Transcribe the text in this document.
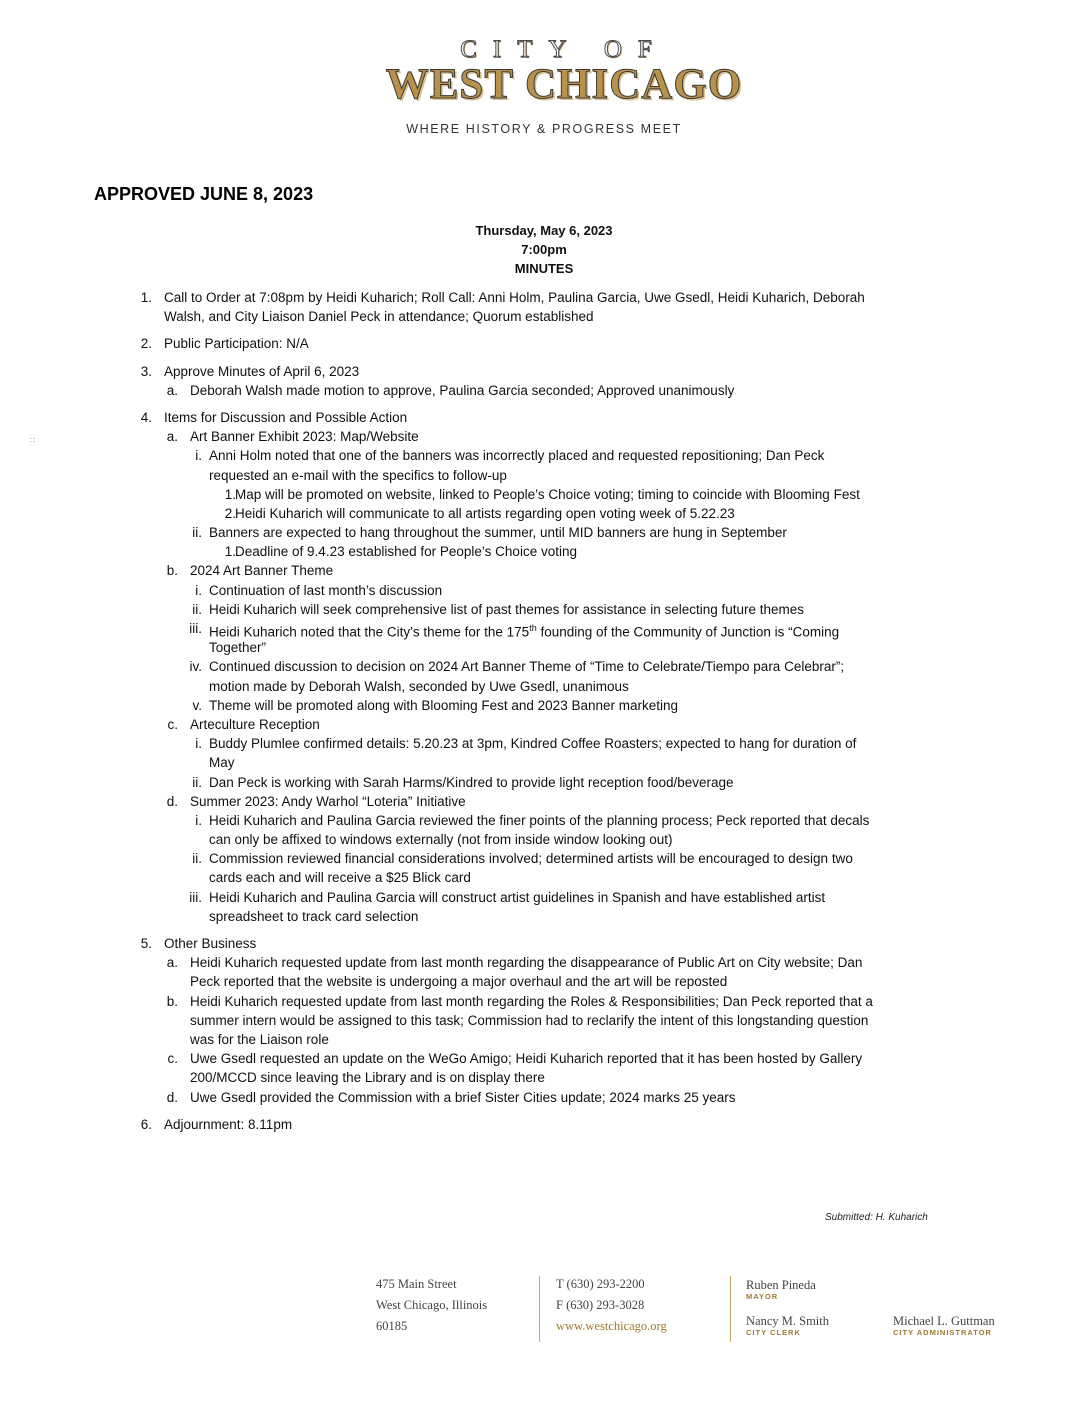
CITY OF
WEST CHICAGO
WHERE HISTORY & PROGRESS MEET
∷
APPROVED JUNE 8, 2023
Thursday, May 6, 2023
7:00pm
MINUTES
1. Call to Order at 7:08pm by Heidi Kuharich; Roll Call: Anni Holm, Paulina Garcia, Uwe Gsedl, Heidi Kuharich, Deborah
Walsh, and City Liaison Daniel Peck in attendance; Quorum established
2. Public Participation: N/A
3. Approve Minutes of April 6, 2023
a. Deborah Walsh made motion to approve, Paulina Garcia seconded; Approved unanimously
4. Items for Discussion and Possible Action
a. Art Banner Exhibit 2023: Map/Website
i. Anni Holm noted that one of the banners was incorrectly placed and requested repositioning; Dan Peck
requested an e-mail with the specifics to follow-up
1. Map will be promoted on website, linked to People’s Choice voting; timing to coincide with Blooming Fest
2. Heidi Kuharich will communicate to all artists regarding open voting week of 5.22.23
ii. Banners are expected to hang throughout the summer, until MID banners are hung in September
1. Deadline of 9.4.23 established for People’s Choice voting
b. 2024 Art Banner Theme
i. Continuation of last month’s discussion
ii. Heidi Kuharich will seek comprehensive list of past themes for assistance in selecting future themes
iii. Heidi Kuharich noted that the City’s theme for the 175th founding of the Community of Junction is “Coming
Together”
iv. Continued discussion to decision on 2024 Art Banner Theme of “Time to Celebrate/Tiempo para Celebrar”;
motion made by Deborah Walsh, seconded by Uwe Gsedl, unanimous
v. Theme will be promoted along with Blooming Fest and 2023 Banner marketing
c. Arteculture Reception
i. Buddy Plumlee confirmed details: 5.20.23 at 3pm, Kindred Coffee Roasters; expected to hang for duration of
May
ii. Dan Peck is working with Sarah Harms/Kindred to provide light reception food/beverage
d. Summer 2023: Andy Warhol “Loteria” Initiative
i. Heidi Kuharich and Paulina Garcia reviewed the finer points of the planning process; Peck reported that decals
can only be affixed to windows externally (not from inside window looking out)
ii. Commission reviewed financial considerations involved; determined artists will be encouraged to design two
cards each and will receive a $25 Blick card
iii. Heidi Kuharich and Paulina Garcia will construct artist guidelines in Spanish and have established artist
spreadsheet to track card selection
5. Other Business
a. Heidi Kuharich requested update from last month regarding the disappearance of Public Art on City website; Dan
Peck reported that the website is undergoing a major overhaul and the art will be reposted
b. Heidi Kuharich requested update from last month regarding the Roles & Responsibilities; Dan Peck reported that a
summer intern would be assigned to this task; Commission had to reclarify the intent of this longstanding question
was for the Liaison role
c. Uwe Gsedl requested an update on the WeGo Amigo; Heidi Kuharich reported that it has been hosted by Gallery
200/MCCD since leaving the Library and is on display there
d. Uwe Gsedl provided the Commission with a brief Sister Cities update; 2024 marks 25 years
6. Adjournment: 8.11pm
Submitted: H. Kuharich
475 Main Street
West Chicago, Illinois
60185
T (630) 293-2200
F (630) 293-3028
www.westchicago.org
Ruben Pineda
MAYOR
Nancy M. Smith
CITY CLERK
Michael L. Guttman
CITY ADMINISTRATOR
